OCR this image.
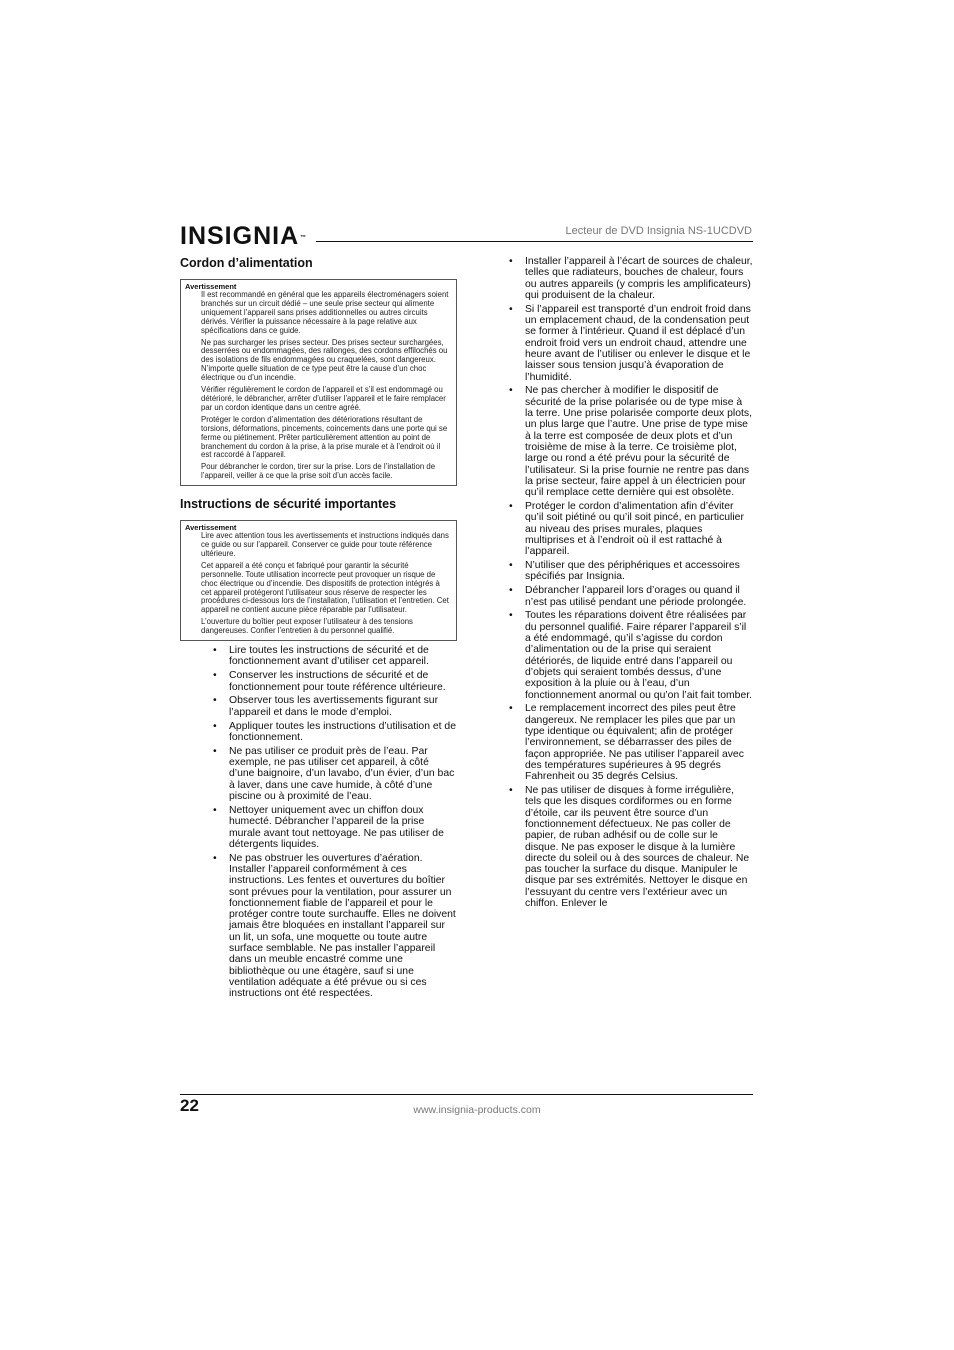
INSIGNIA™
Lecteur de DVD Insignia NS-1UCDVD
Cordon d’alimentation
Avertissement

Il est recommandé en général que les appareils électroménagers soient branchés sur un circuit dédié – une seule prise secteur qui alimente uniquement l’appareil sans prises additionnelles ou autres circuits dérivés. Vérifier la puissance nécessaire à la page relative aux spécifications dans ce guide.

Ne pas surcharger les prises secteur. Des prises secteur surchargées, desserrées ou endommagées, des rallonges, des cordons effilochés ou des isolations de fils endommagées ou craquelées, sont dangereux. N’importe quelle situation de ce type peut être la cause d’un choc électrique ou d’un incendie.

Vérifier régulièrement le cordon de l’appareil et s’il est endommagé ou détérioré, le débrancher, arrêter d’utiliser l’appareil et le faire remplacer par un cordon identique dans un centre agréé.

Protéger le cordon d’alimentation des détériorations résultant de torsions, déformations, pincements, coincements dans une porte qui se ferme ou piétinement. Prêter particulièrement attention au point de branchement du cordon à la prise, à la prise murale et à l’endroit où il est raccordé à l’appareil.

Pour débrancher le cordon, tirer sur la prise. Lors de l’installation de l’appareil, veiller à ce que la prise soit d’un accès facile.

Instructions de sécurité importantes
Avertissement

Lire avec attention tous les avertissements et instructions indiqués dans ce guide ou sur l’appareil. Conserver ce guide pour toute référence ultérieure.

Cet appareil a été conçu et fabriqué pour garantir la sécurité personnelle. Toute utilisation incorrecte peut provoquer un risque de choc électrique ou d’incendie. Des dispositifs de protection intégrés à cet appareil protégeront l’utilisateur sous réserve de respecter les procédures ci-dessous lors de l’installation, l’utilisation et l’entretien. Cet appareil ne contient aucune pièce réparable par l’utilisateur.

L’ouverture du boîtier peut exposer l’utilisateur à des tensions dangereuses. Confier l’entretien à du personnel qualifié.

• Lire toutes les instructions de sécurité et de fonctionnement avant d’utiliser cet appareil.
• Conserver les instructions de sécurité et de fonctionnement pour toute référence ultérieure.
• Observer tous les avertissements figurant sur l’appareil et dans le mode d’emploi.
• Appliquer toutes les instructions d’utilisation et de fonctionnement.
• Ne pas utiliser ce produit près de l’eau. Par exemple, ne pas utiliser cet appareil, à côté d’une baignoire, d’un lavabo, d’un évier, d’un bac à laver, dans une cave humide, à côté d’une piscine ou à proximité de l’eau.
• Nettoyer uniquement avec un chiffon doux humecté. Débrancher l’appareil de la prise murale avant tout nettoyage. Ne pas utiliser de détergents liquides.
• Ne pas obstruer les ouvertures d’aération. Installer l’appareil conformément à ces instructions. Les fentes et ouvertures du boîtier sont prévues pour la ventilation, pour assurer un fonctionnement fiable de l’appareil et pour le protéger contre toute surchauffe. Elles ne doivent jamais être bloquées en installant l’appareil sur un lit, un sofa, une moquette ou toute autre surface semblable. Ne pas installer l’appareil dans un meuble encastré comme une bibliothèque ou une étagère, sauf si une ventilation adéquate a été prévue ou si ces instructions ont été respectées.
• Installer l’appareil à l’écart de sources de chaleur, telles que radiateurs, bouches de chaleur, fours ou autres appareils (y compris les amplificateurs) qui produisent de la chaleur.
• Si l’appareil est transporté d’un endroit froid dans un emplacement chaud, de la condensation peut se former à l’intérieur. Quand il est déplacé d’un endroit froid vers un endroit chaud, attendre une heure avant de l’utiliser ou enlever le disque et le laisser sous tension jusqu’à évaporation de l’humidité.
• Ne pas chercher à modifier le dispositif de sécurité de la prise polarisée ou de type mise à la terre. Une prise polarisée comporte deux plots, un plus large que l’autre. Une prise de type mise à la terre est composée de deux plots et d’un troisième de mise à la terre. Ce troisième plot, large ou rond a été prévu pour la sécurité de l’utilisateur. Si la prise fournie ne rentre pas dans la prise secteur, faire appel à un électricien pour qu’il remplace cette dernière qui est obsolète.
• Protéger le cordon d’alimentation afin d’éviter qu’il soit piétiné ou qu’il soit pincé, en particulier au niveau des prises murales, plaques multiprises et à l’endroit où il est rattaché à l’appareil.
• N’utiliser que des périphériques et accessoires spécifiés par Insignia.
• Débrancher l’appareil lors d’orages ou quand il n’est pas utilisé pendant une période prolongée.
• Toutes les réparations doivent être réalisées par du personnel qualifié. Faire réparer l’appareil s’il a été endommagé, qu’il s’agisse du cordon d’alimentation ou de la prise qui seraient détériorés, de liquide entré dans l’appareil ou d’objets qui seraient tombés dessus, d’une exposition à la pluie ou à l’eau, d’un fonctionnement anormal ou qu’on l’ait fait tomber.
• Le remplacement incorrect des piles peut être dangereux. Ne remplacer les piles que par un type identique ou équivalent; afin de protéger l’environnement, se débarrasser des piles de façon appropriée. Ne pas utiliser l’appareil avec des températures supérieures à 95 degrés Fahrenheit ou 35 degrés Celsius.
• Ne pas utiliser de disques à forme irrégulière, tels que les disques cordiformes ou en forme d’étoile, car ils peuvent être source d’un fonctionnement défectueux. Ne pas coller de papier, de ruban adhésif ou de colle sur le disque. Ne pas exposer le disque à la lumière directe du soleil ou à des sources de chaleur. Ne pas toucher la surface du disque. Manipuler le disque par ses extrémités. Nettoyer le disque en l’essuyant du centre vers l’extérieur avec un chiffon. Enlever le
22	www.insignia-products.com
